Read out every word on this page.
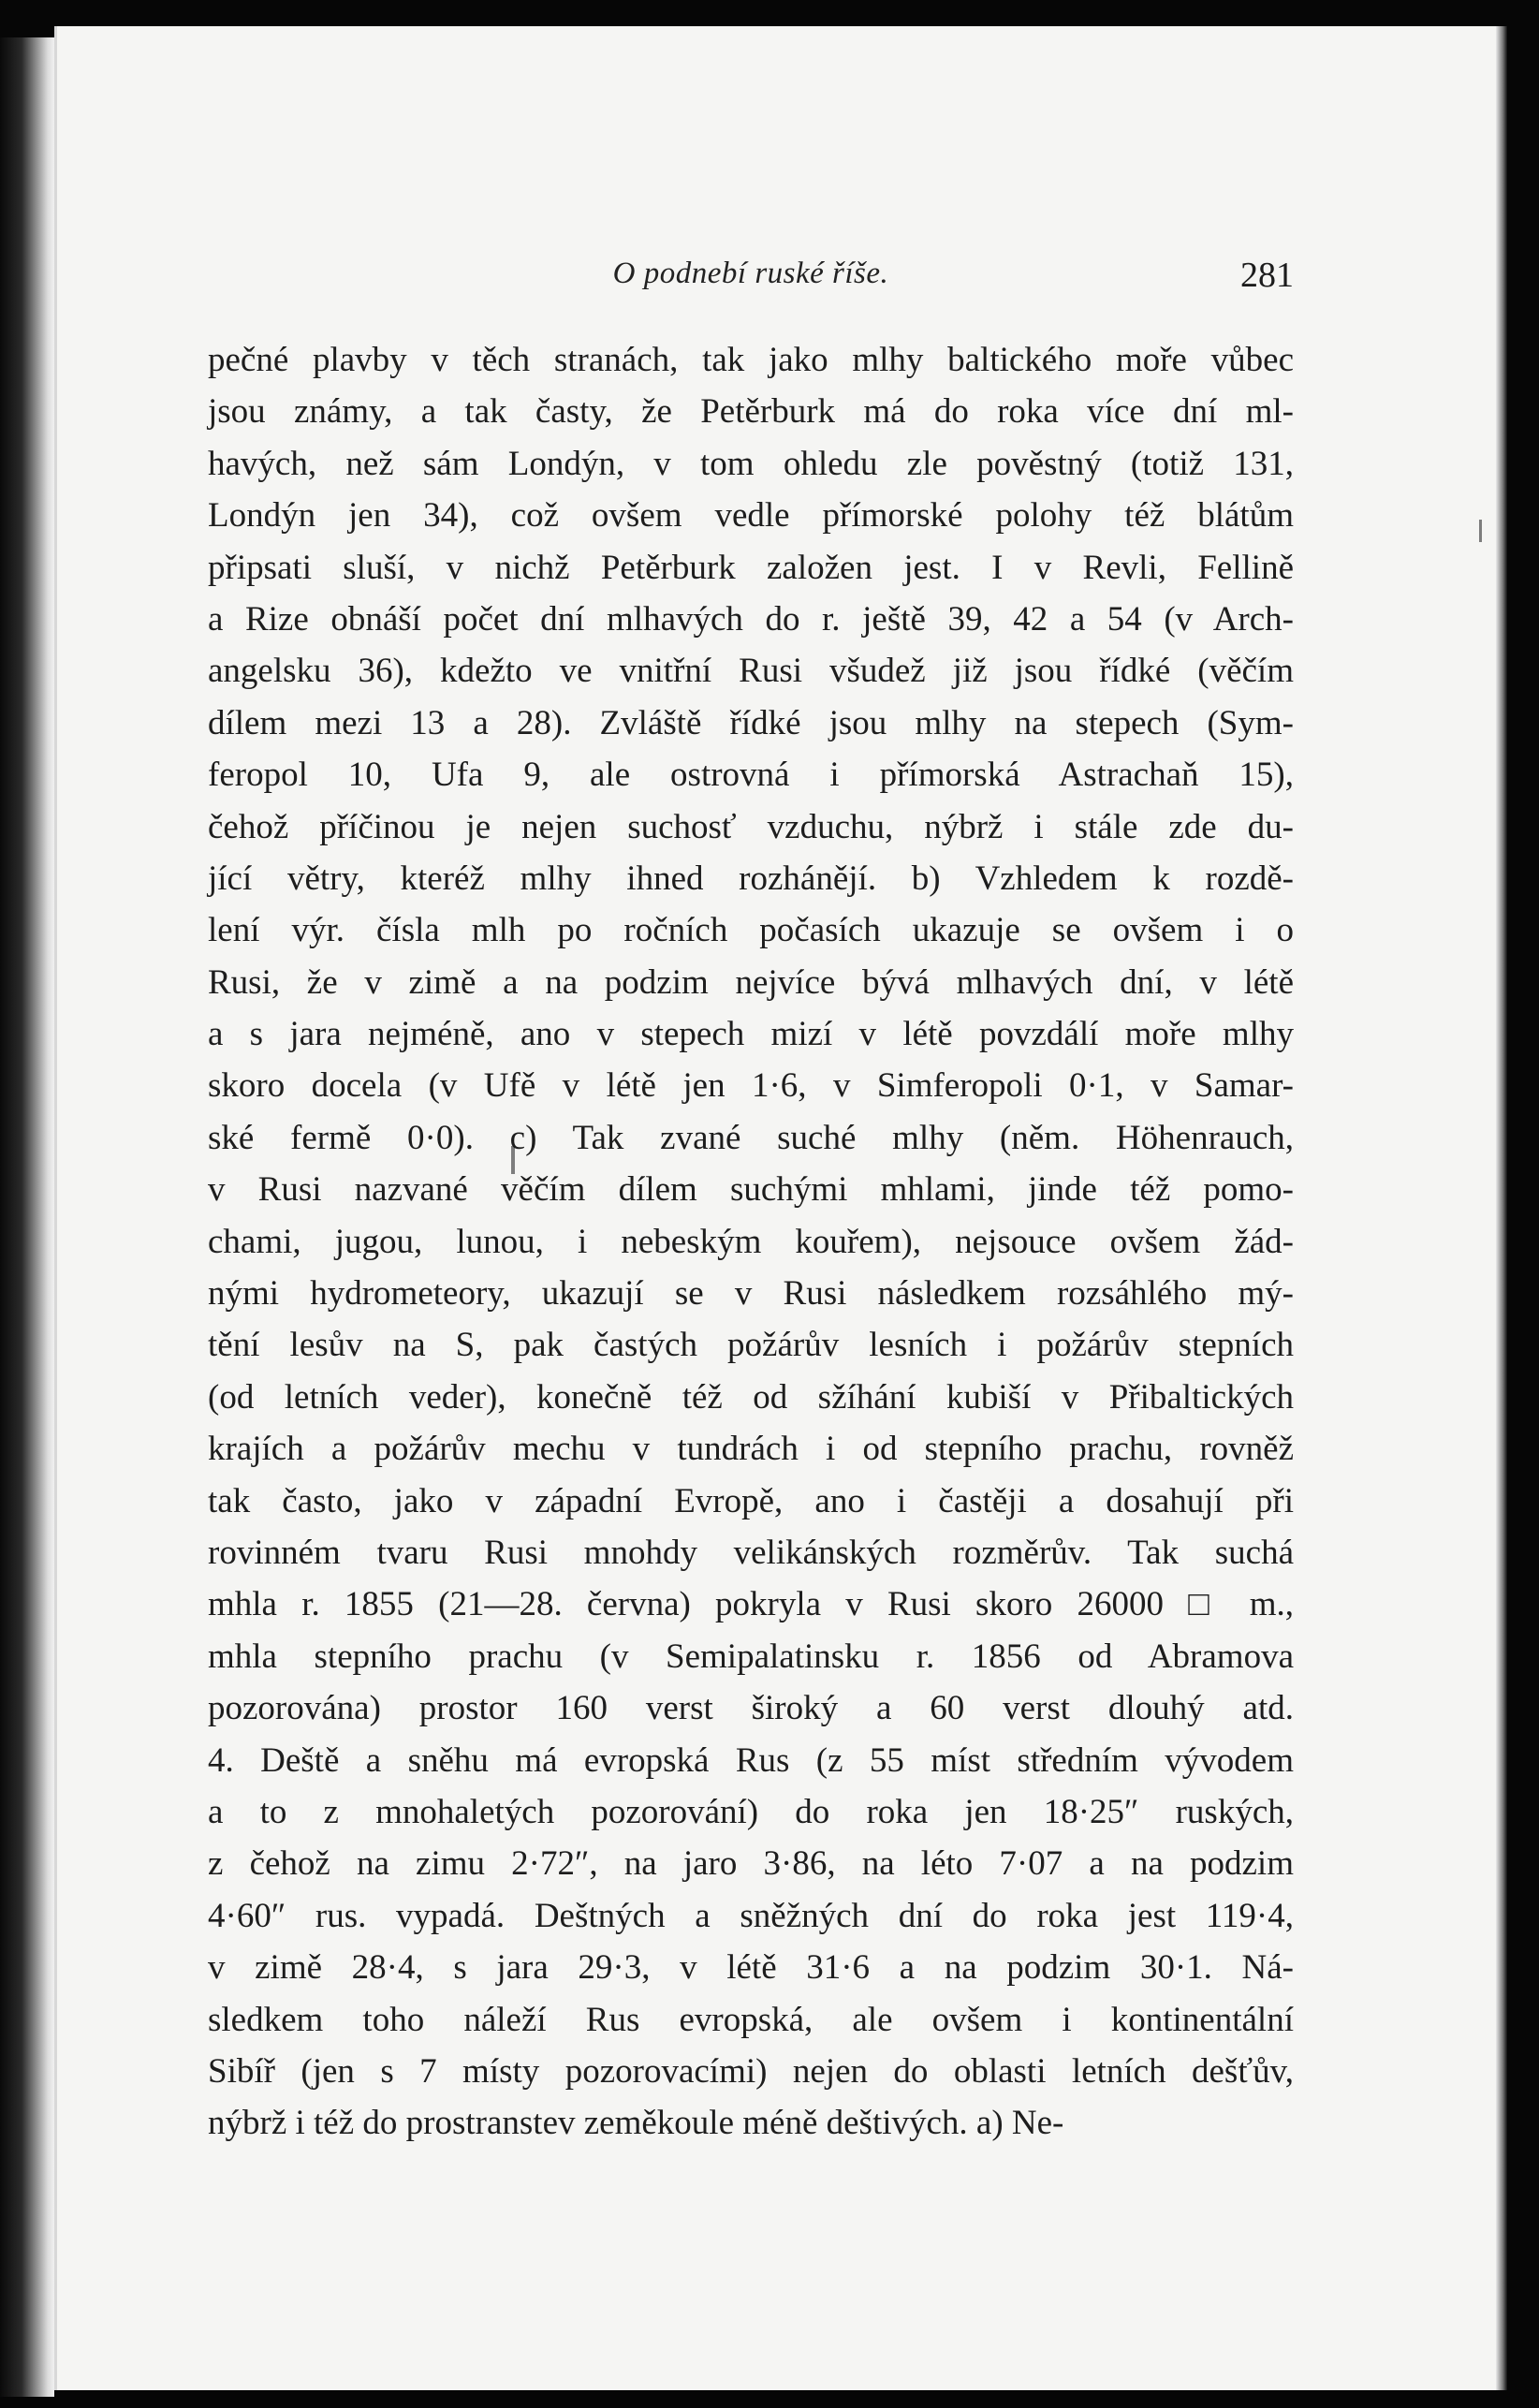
O podnebí ruské říše.	281
pečné plavby v těch stranách, tak jako mlhy baltického moře vůbec
jsou známy, a tak časty, že Petěrburk má do roka více dní ml-
havých, než sám Londýn, v tom ohledu zle pověstný (totiž 131,
Londýn jen 34), což ovšem vedle přímorské polohy též blátům
připsati sluší, v nichž Petěrburk založen jest. I v Revli, Fellině
a Rize obnáší počet dní mlhavých do r. ještě 39, 42 a 54 (v Arch-
angelsku 36), kdežto ve vnitřní Rusi všudež již jsou řídké (věčím
dílem mezi 13 a 28). Zvláště řídké jsou mlhy na stepech (Sym-
feropol 10, Ufa 9, ale ostrovná i přímorská Astrachaň 15),
čehož příčinou je nejen suchosť vzduchu, nýbrž i stále zde du-
jící větry, kteréž mlhy ihned rozhánějí. b) Vzhledem k rozdě-
lení výr. čísla mlh po ročních počasích ukazuje se ovšem i o
Rusi, že v zimě a na podzim nejvíce bývá mlhavých dní, v létě
a s jara nejméně, ano v stepech mizí v létě povzdálí moře mlhy
skoro docela (v Ufě v létě jen 1·6, v Simferopoli 0·1, v Samar-
ské fermě 0·0). c) Tak zvané suché mlhy (něm. Höhenrauch,
v Rusi nazvané věčím dílem suchými mhlami, jinde též pomo-
chami, jugou, lunou, i nebeským kouřem), nejsouce ovšem žád-
nými hydrometeory, ukazují se v Rusi následkem rozsáhlého mý-
tění lesův na S, pak častých požárův lesních i požárův stepních
(od letních veder), konečně též od sžíhání kubiší v Přibaltických
krajích a požárův mechu v tundrách i od stepního prachu, rovněž
tak často, jako v západní Evropě, ano i častěji a dosahují při
rovinném tvaru Rusi mnohdy velikánských rozměrův. Tak suchá
mhla r. 1855 (21—28. června) pokryla v Rusi skoro 26000 □ m.,
mhla stepního prachu (v Semipalatinsku r. 1856 od Abramova
pozorována) prostor 160 verst široký a 60 verst dlouhý atd.
4. Deště a sněhu má evropská Rus (z 55 míst středním vývodem
a to z mnohaletých pozorování) do roka jen 18·25″ ruských,
z čehož na zimu 2·72″, na jaro 3·86, na léto 7·07 a na podzim
4·60″ rus. vypadá. Deštných a sněžných dní do roka jest 119·4,
v zimě 28·4, s jara 29·3, v létě 31·6 a na podzim 30·1. Ná-
sledkem toho náleží Rus evropská, ale ovšem i kontinentální
Sibíř (jen s 7 místy pozorovacími) nejen do oblasti letních dešťův,
nýbrž i též do prostranstev zeměkoule méně deštivých. a) Ne-
